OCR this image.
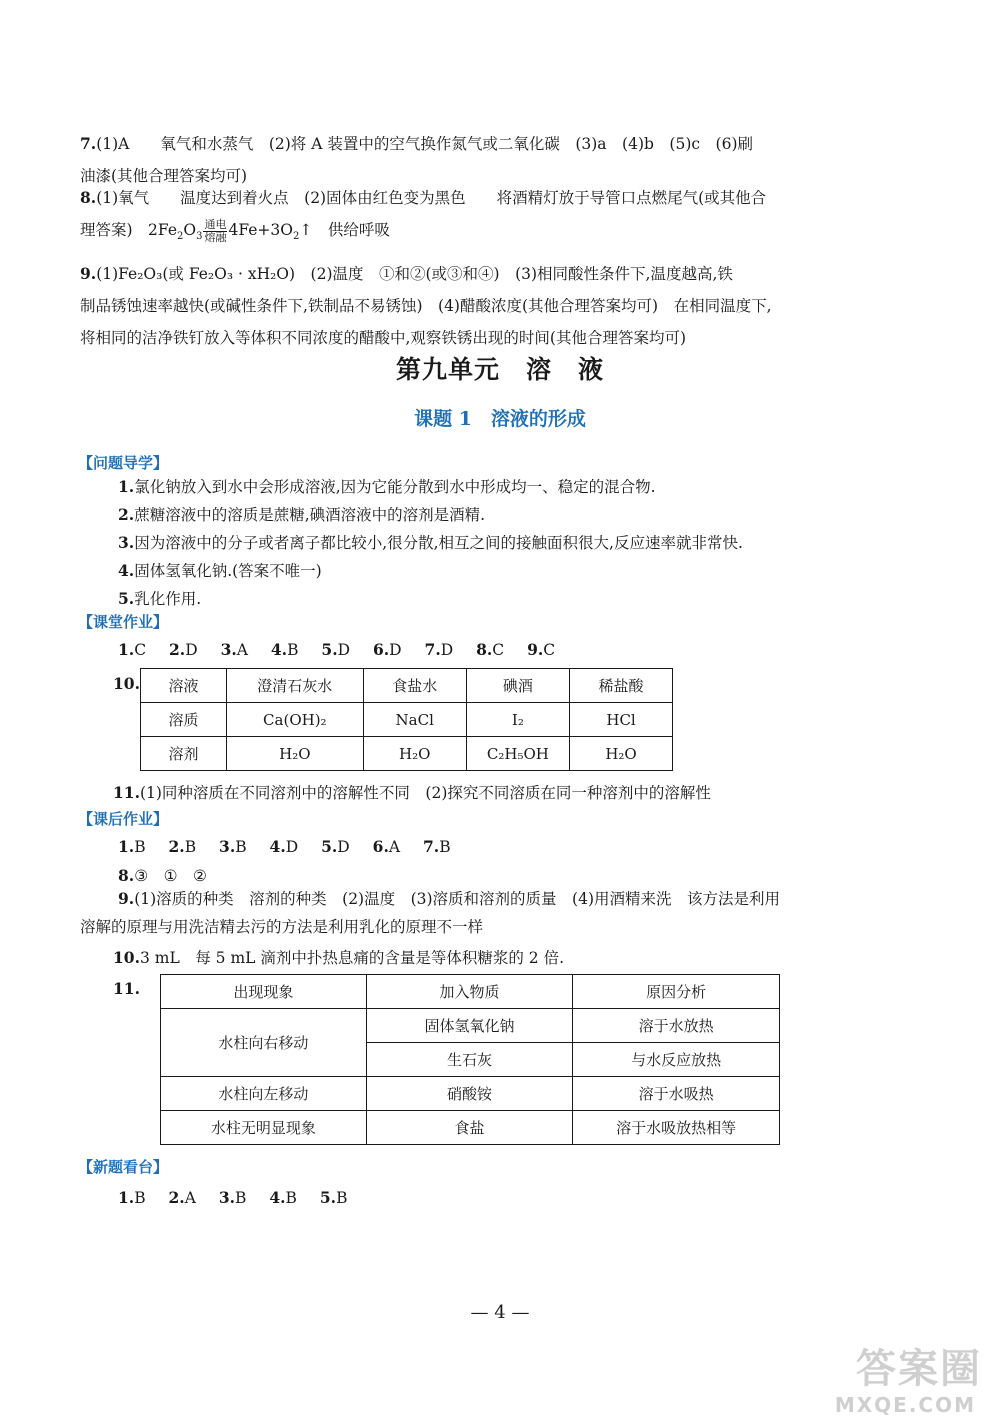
7.(1)A　　氧气和水蒸气　(2)将 A 装置中的空气换作氮气或二氧化碳　(3)a　(4)b　(5)c　(6)刷
油漆(其他合理答案均可)
8.(1)氧气　　温度达到着火点　(2)固体由红色变为黑色　　将酒精灯放于导管口点燃尾气(或其他合
理答案)　$2Fe_2O_3 \frac{\text{通电}}{\text{熔融}}$ $4Fe+3O_2↑$　供给呼吸
9.(1)Fe₂O₃(或 Fe₂O₃ · xH₂O)　(2)温度　①和②(或③和④)　(3)相同酸性条件下,温度越高,铁
制品锈蚀速率越快(或碱性条件下,铁制品不易锈蚀)　(4)醋酸浓度(其他合理答案均可)　在相同温度下,
将相同的洁净铁钉放入等体积不同浓度的醋酸中,观察铁锈出现的时间(其他合理答案均可)
第九单元　溶　液
课题 1　溶液的形成
【问题导学】
1.氯化钠放入到水中会形成溶液,因为它能分散到水中形成均一、稳定的混合物.
2.蔗糖溶液中的溶质是蔗糖,碘酒溶液中的溶剂是酒精.
3.因为溶液中的分子或者离子都比较小,很分散,相互之间的接触面积很大,反应速率就非常快.
4.固体氢氧化钠.(答案不唯一)
5.乳化作用.
【课堂作业】
1.C 2.D 3.A 4.B 5.D 6.D 7.D 8.C 9.C
10. 溶液	澄清石灰水	食盐水	碘酒	稀盐酸
溶质	Ca(OH)₂	NaCl	I₂	HCl
溶剂	H₂O	H₂O	C₂H₅OH	H₂O
11.(1)同种溶质在不同溶剂中的溶解性不同　(2)探究不同溶质在同一种溶剂中的溶解性
【课后作业】
1.B 2.B 3.B 4.D 5.D 6.A 7.B
8.③　①　②
9.(1)溶质的种类　溶剂的种类　(2)温度　(3)溶质和溶剂的质量　(4)用酒精来洗　该方法是利用
溶解的原理与用洗洁精去污的方法是利用乳化的原理不一样
10.3 mL　每 5 mL 滴剂中扑热息痛的含量是等体积糖浆的 2 倍.
11.	出现现象	加入物质	原因分析
水柱向右移动	固体氢氧化钠	溶于水放热
	生石灰	与水反应放热
水柱向左移动	硝酸铵	溶于水吸热
水柱无明显现象	食盐	溶于水吸放热相等
【新题看台】
1.B 2.A 3.B 4.B 5.B
— 4 —
答案圈
MXQE.COM
